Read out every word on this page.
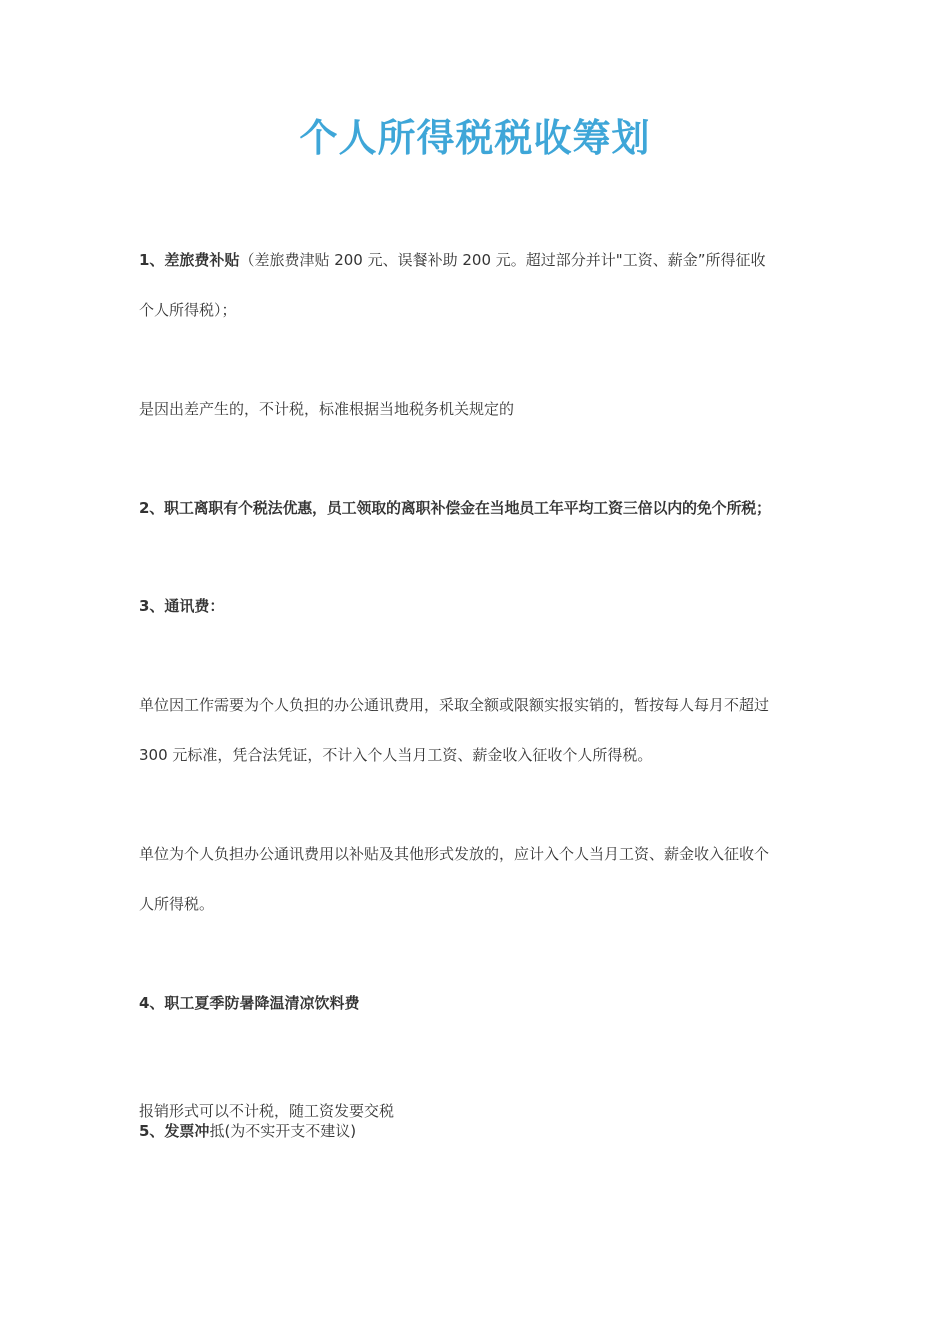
个人所得税税收筹划
1、差旅费补贴（差旅费津贴 200 元、误餐补助 200 元。超过部分并计"工资、薪金”所得征收
个人所得税）；
是因出差产生的，不计税，标准根据当地税务机关规定的
2、职工离职有个税法优惠，员工领取的离职补偿金在当地员工年平均工资三倍以内的免个所税；
3、通讯费：
单位因工作需要为个人负担的办公通讯费用，采取全额或限额实报实销的，暂按每人每月不超过
300 元标准，凭合法凭证，不计入个人当月工资、薪金收入征收个人所得税。
单位为个人负担办公通讯费用以补贴及其他形式发放的，应计入个人当月工资、薪金收入征收个
人所得税。
4、职工夏季防暑降温清凉饮料费
报销形式可以不计税，随工资发要交税
5、发票冲抵(为不实开支不建议)
